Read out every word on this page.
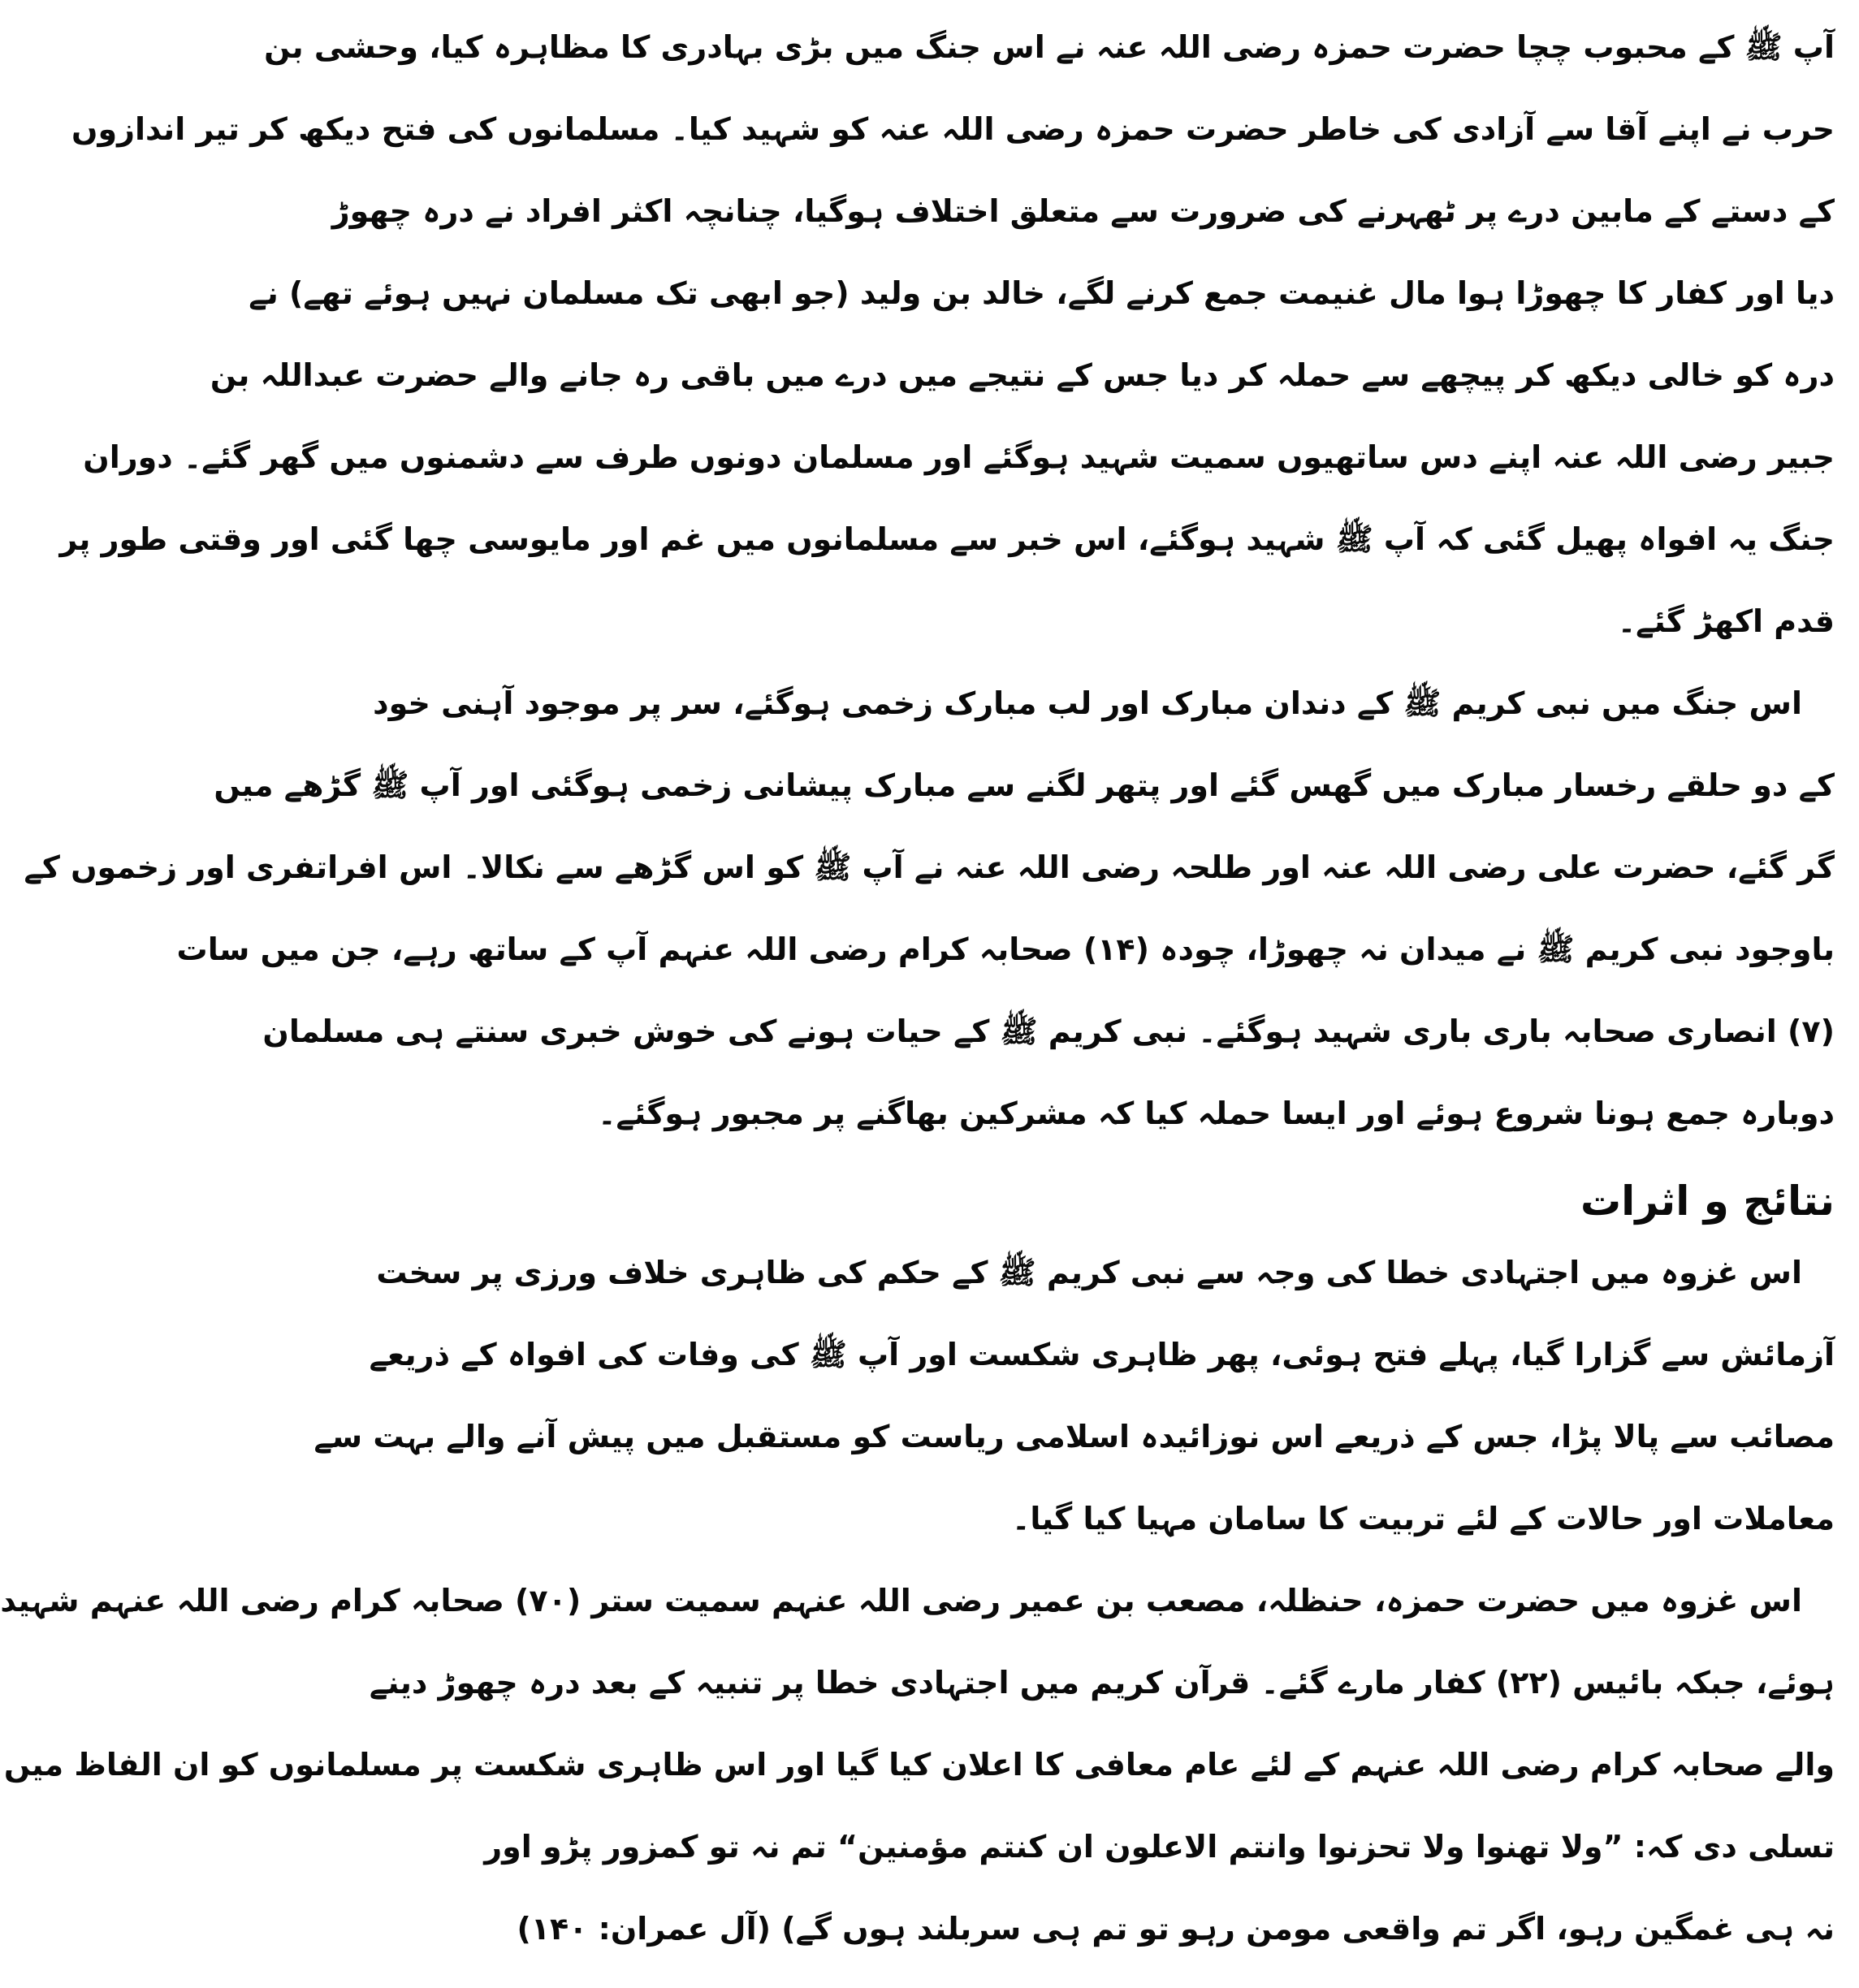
آپ ﷺ کے محبوب چچا حضرت حمزہ رضی اللہ عنہ نے اس جنگ میں بڑی بہادری کا مظاہرہ کیا، وحشی بن
حرب نے اپنے آقا سے آزادی کی خاطر حضرت حمزہ رضی اللہ عنہ کو شہید کیا۔ مسلمانوں کی فتح دیکھ کر تیر اندازوں
کے دستے کے مابین درے پر ٹھہرنے کی ضرورت سے متعلق اختلاف ہوگیا، چنانچہ اکثر افراد نے درہ چھوڑ
دیا اور کفار کا چھوڑا ہوا مال غنیمت جمع کرنے لگے، خالد بن ولید (جو ابھی تک مسلمان نہیں ہوئے تھے) نے
درہ کو خالی دیکھ کر پیچھے سے حملہ کر دیا جس کے نتیجے میں درے میں باقی رہ جانے والے حضرت عبداللہ بن
جبیر رضی اللہ عنہ اپنے دس ساتھیوں سمیت شہید ہوگئے اور مسلمان دونوں طرف سے دشمنوں میں گھر گئے۔ دوران
جنگ یہ افواہ پھیل گئی کہ آپ ﷺ شہید ہوگئے، اس خبر سے مسلمانوں میں غم اور مایوسی چھا گئی اور وقتی طور پر
قدم اکھڑ گئے۔

اس جنگ میں نبی کریم ﷺ کے دندان مبارک اور لب مبارک زخمی ہوگئے، سر پر موجود آہنی خود
کے دو حلقے رخسار مبارک میں گھس گئے اور پتھر لگنے سے مبارک پیشانی زخمی ہوگئی اور آپ ﷺ گڑھے میں
گر گئے، حضرت علی رضی اللہ عنہ اور طلحہ رضی اللہ عنہ نے آپ ﷺ کو اس گڑھے سے نکالا۔ اس افراتفری اور زخموں کے
باوجود نبی کریم ﷺ نے میدان نہ چھوڑا، چودہ (۱۴) صحابہ کرام رضی اللہ عنہم آپ کے ساتھ رہے، جن میں سات
(۷) انصاری صحابہ باری باری شہید ہوگئے۔ نبی کریم ﷺ کے حیات ہونے کی خوش خبری سنتے ہی مسلمان
دوبارہ جمع ہونا شروع ہوئے اور ایسا حملہ کیا کہ مشرکین بھاگنے پر مجبور ہوگئے۔

نتائج و اثرات

اس غزوہ میں اجتہادی خطا کی وجہ سے نبی کریم ﷺ کے حکم کی ظاہری خلاف ورزی پر سخت
آزمائش سے گزارا گیا، پہلے فتح ہوئی، پھر ظاہری شکست اور آپ ﷺ کی وفات کی افواہ کے ذریعے
مصائب سے پالا پڑا، جس کے ذریعے اس نوزائیدہ اسلامی ریاست کو مستقبل میں پیش آنے والے بہت سے
معاملات اور حالات کے لئے تربیت کا سامان مہیا کیا گیا۔

اس غزوہ میں حضرت حمزہ، حنظلہ، مصعب بن عمیر رضی اللہ عنہم سمیت ستر (۷۰) صحابہ کرام رضی اللہ عنہم شہید
ہوئے، جبکہ بائیس (۲۲) کفار مارے گئے۔ قرآن کریم میں اجتہادی خطا پر تنبیہ کے بعد درہ چھوڑ دینے
والے صحابہ کرام رضی اللہ عنہم کے لئے عام معافی کا اعلان کیا گیا اور اس ظاہری شکست پر مسلمانوں کو ان الفاظ میں
تسلی دی کہ: ”ولا تھنوا ولا تحزنوا وانتم الاعلون ان کنتم مؤمنین“ تم نہ تو کمزور پڑو اور
نہ ہی غمگین رہو، اگر تم واقعی مومن رہو تو تم ہی سربلند ہوں گے) (آل عمران: ۱۴۰)
